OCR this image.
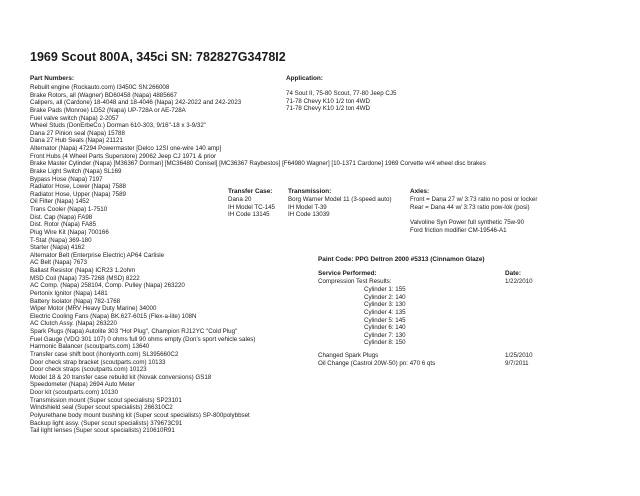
1969 Scout 800A, 345ci SN: 782827G3478I2
Part Numbers:	Application:
Rebuilt engine (Rockauto.com) I3450C SN:266008
Brake Rotors, all (Wagner) BD60458 (Napa) 4885667
Calipers, all (Cardone) 18-4048 and 18-4046 (Napa) 242-2022 and 242-2023
Brake Pads (Monroe) LD52 (Napa) UP-728A or AE-728A
Fuel valve switch (Napa) 2-2057
Wheel Studs (DonErbeCo.) Dorman 610-303, 9/16"-18 x 3-9/32"
Dana 27 Pinion seal (Napa) 15788
Dana 27 Hub Seals (Napa) 21121
Alternator (Napa) 47294 Powermaster [Delco 12SI one-wire 140 amp]
Front Hubs (4 Wheel Parts Superstore) 29062 Jeep CJ 1971 & prior
Brake Master Cylinder (Napa) [M36367 Dorman] [MC36480 Conisel] [MC36367 Raybestos] [F64980 Wagner] [10-1371 Cardone] 1969 Corvette w/4 wheel disc brakes
Brake Light Switch (Napa) SL169
Bypass Hose (Napa) 7197
Radiator Hose, Lower (Napa) 7588
Radiator Hose, Upper (Napa) 7589
Oil Filter (Napa) 1452
Trans Cooler (Napa) 1-7510
Dist. Cap (Napa) FA98
Dist. Rotor (Napa) FA85
Plug Wire Kit (Napa) 700166
T-Stat (Napa) 369-180
Starter (Napa) 4162
Alternator Belt (Enterprise Electric) AP64 Carlisle
AC Belt (Napa) 7673
Ballast Resistor (Napa) ICR23 1.2ohm
MSD Coil (Napa) 735-7268 (MSD) 8222
AC Comp. (Napa) 258104, Comp. Pulley (Napa) 263220
Pertonix Ignitor (Napa) 1481
Battery Isolator (Napa) 782-1768
Wiper Motor (MRV Heavy Duty Marine) 34000
Electric Cooling Fans (Napa) BK.627-6015 (Flex-a-lite) 108N
AC Clutch Assy. (Napa) 263220
Spark Plugs (Napa) Autolite 303 "Hot Plug", Champion RJ12YC "Cold Plug"
Fuel Gauge (VDO 301 107) 0 ohms full 90 ohms empty (Don's sport vehicle sales)
Harmonic Balancer (scoutparts.com) 13640
Transfer case shift boot (ihonlyorth.com) SL395660C2
Door check strap bracket (scoutparts.com) 10133
Door check straps (scoutparts.com) 10123
Model 18 & 20 transfer case rebuild kit (Novak conversions) GS18
Speedometer (Napa) 2694 Auto Meter
Door kit (scoutparts.com) 10130
Transmission mount (Super scout specialists) SP23101
Windshield seal (Super scout specialists) 266310C2
Polyurethane body mount bushing kit (Super scout specialists) SP-800polybbset
Backup light assy. (Super scout specialists) 379673C91
Tail light lenses (Super scout specialists) 210610R91
74 Sout II, 75-80 Scout, 77-80 Jeep CJ5
71-78 Chevy K10 1/2 ton 4WD
71-78 Chevy K10 1/2 ton 4WD
Transfer Case:
Dana 20
IH Model TC-145
IH Code 13145
Transmission:
Borg Warner Model 11 (3-speed auto)
IH Model T-39
IH Code 13039
Axles:
Front = Dana 27 w/ 3:73 ratio no posi or locker
Rear = Dana 44 w/ 3:73 ratio pow-lok (posi)

Valvoline Syn Power full synthetic 75w-90
Ford friction modifier CM-19546-A1
Paint Code: PPG Deltron 2000 #5313 (Cinnamon Glaze)
Service Performed:	Date:
Compression Test Results:	1/22/2010
Cylinder 1: 155
Cylinder 2: 140
Cylinder 3: 130
Cylinder 4: 135
Cylinder 5: 145
Cylinder 6: 140
Cylinder 7: 130
Cylinder 8: 150
Changed Spark Plugs	1/25/2010
Oil Change (Castrol 20W-50) pn: 470 6 qts	9/7/2011
